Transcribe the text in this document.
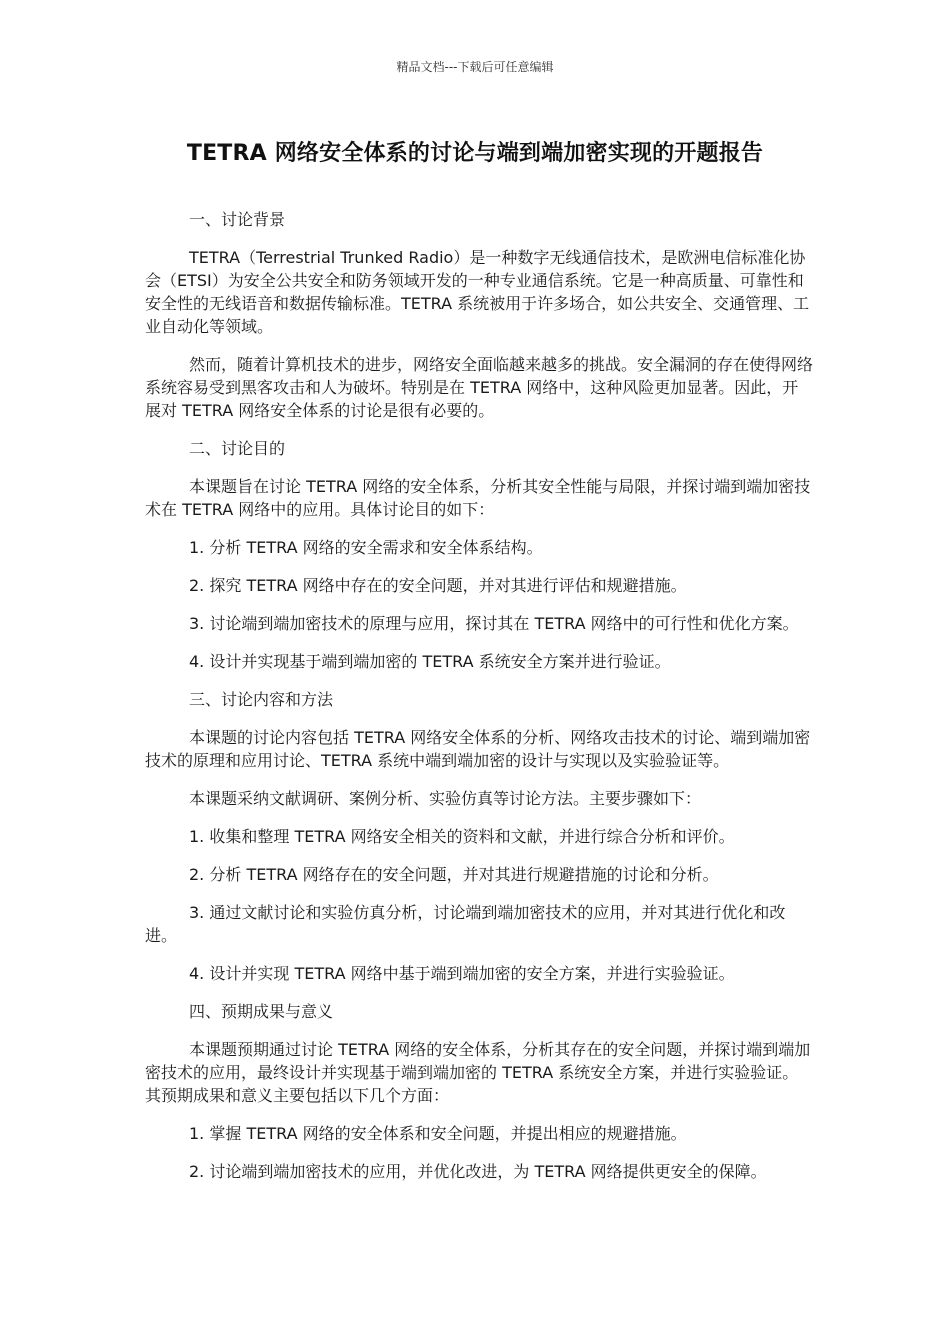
精品文档---下载后可任意编辑
TETRA 网络安全体系的讨论与端到端加密实现的开题报告

一、讨论背景

TETRA（Terrestrial Trunked Radio）是一种数字无线通信技术，是欧洲电信标准化协会（ETSI）为安全公共安全和防务领域开发的一种专业通信系统。它是一种高质量、可靠性和安全性的无线语音和数据传输标准。TETRA 系统被用于许多场合，如公共安全、交通管理、工业自动化等领域。

然而，随着计算机技术的进步，网络安全面临越来越多的挑战。安全漏洞的存在使得网络系统容易受到黑客攻击和人为破坏。特别是在 TETRA 网络中，这种风险更加显著。因此，开展对 TETRA 网络安全体系的讨论是很有必要的。

二、讨论目的

本课题旨在讨论 TETRA 网络的安全体系，分析其安全性能与局限，并探讨端到端加密技术在 TETRA 网络中的应用。具体讨论目的如下：

1. 分析 TETRA 网络的安全需求和安全体系结构。

2. 探究 TETRA 网络中存在的安全问题，并对其进行评估和规避措施。

3. 讨论端到端加密技术的原理与应用，探讨其在 TETRA 网络中的可行性和优化方案。

4. 设计并实现基于端到端加密的 TETRA 系统安全方案并进行验证。

三、讨论内容和方法

本课题的讨论内容包括 TETRA 网络安全体系的分析、网络攻击技术的讨论、端到端加密技术的原理和应用讨论、TETRA 系统中端到端加密的设计与实现以及实验验证等。

本课题采纳文献调研、案例分析、实验仿真等讨论方法。主要步骤如下：

1. 收集和整理 TETRA 网络安全相关的资料和文献，并进行综合分析和评价。

2. 分析 TETRA 网络存在的安全问题，并对其进行规避措施的讨论和分析。

3. 通过文献讨论和实验仿真分析，讨论端到端加密技术的应用，并对其进行优化和改进。

4. 设计并实现 TETRA 网络中基于端到端加密的安全方案，并进行实验验证。

四、预期成果与意义

本课题预期通过讨论 TETRA 网络的安全体系，分析其存在的安全问题，并探讨端到端加密技术的应用，最终设计并实现基于端到端加密的 TETRA 系统安全方案，并进行实验验证。其预期成果和意义主要包括以下几个方面：

1. 掌握 TETRA 网络的安全体系和安全问题，并提出相应的规避措施。

2. 讨论端到端加密技术的应用，并优化改进，为 TETRA 网络提供更安全的保障。
